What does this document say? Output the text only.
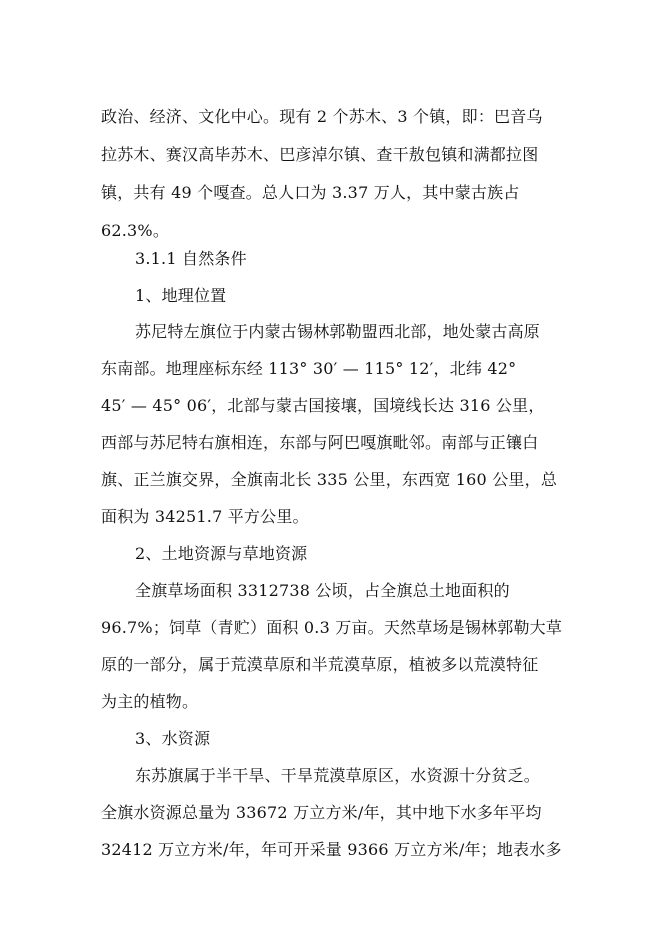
政治、经济、文化中心。现有 2 个苏木、3 个镇，即：巴音乌
拉苏木、赛汉高毕苏木、巴彦淖尔镇、查干敖包镇和满都拉图
镇，共有 49 个嘎查。总人口为 3.37 万人，其中蒙古族占
62.3%。
3.1.1 自然条件
1、地理位置
苏尼特左旗位于内蒙古锡林郭勒盟西北部，地处蒙古高原
东南部。地理座标东经 113° 30′ — 115° 12′，北纬 42°
45′ — 45° 06′，北部与蒙古国接壤，国境线长达 316 公里，
西部与苏尼特右旗相连，东部与阿巴嘎旗毗邻。南部与正镶白
旗、正兰旗交界，全旗南北长 335 公里，东西宽 160 公里，总
面积为 34251.7 平方公里。
2、土地资源与草地资源
全旗草场面积 3312738 公顷，占全旗总土地面积的
96.7%；饲草（青贮）面积 0.3 万亩。天然草场是锡林郭勒大草
原的一部分，属于荒漠草原和半荒漠草原，植被多以荒漠特征
为主的植物。
3、水资源
东苏旗属于半干旱、干旱荒漠草原区，水资源十分贫乏。
全旗水资源总量为 33672 万立方米/年，其中地下水多年平均
32412 万立方米/年，年可开采量 9366 万立方米/年；地表水多
